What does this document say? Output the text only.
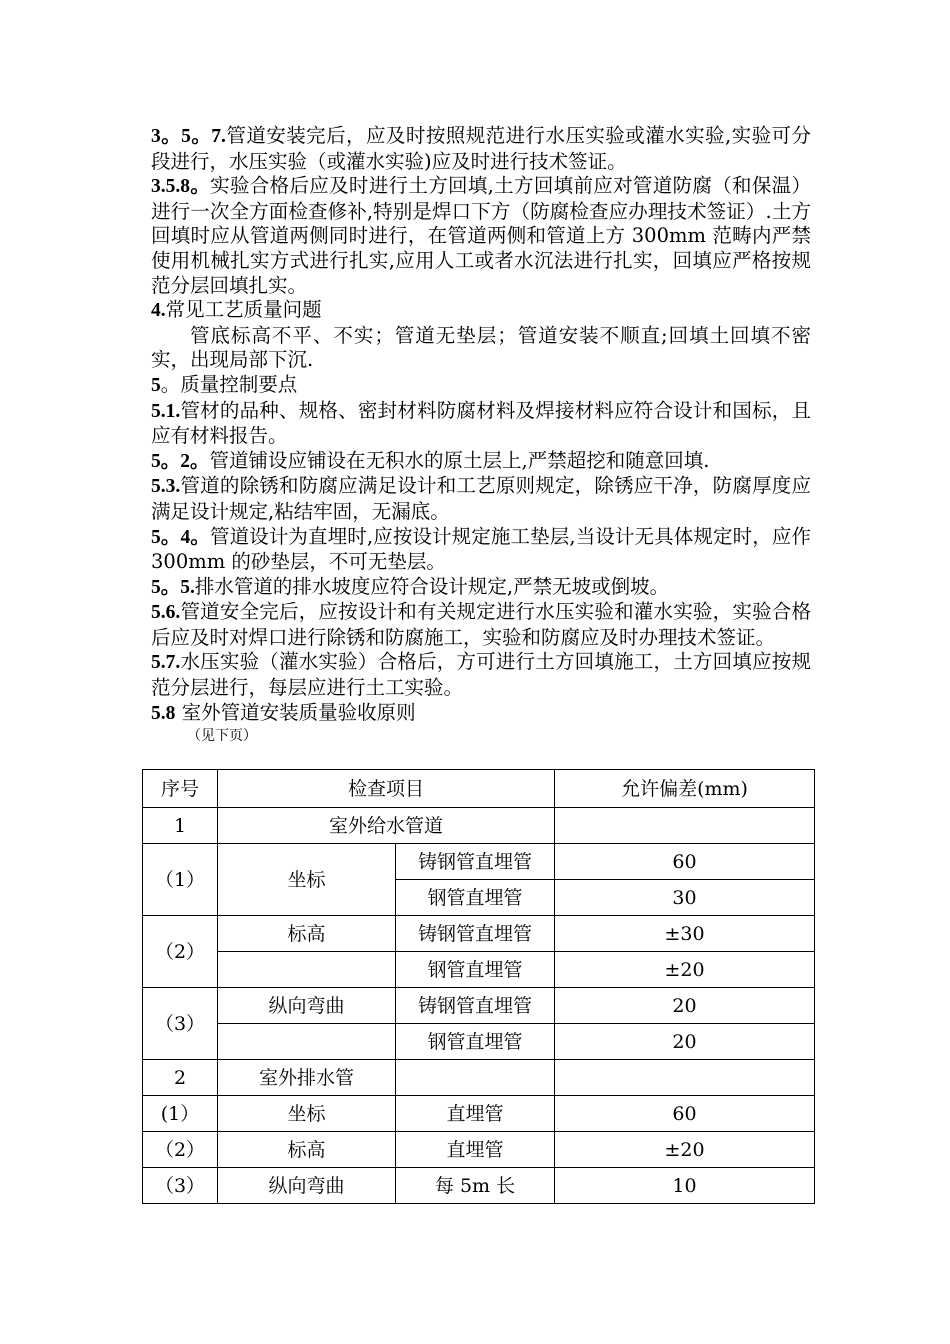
3。5。7.管道安装完后，应及时按照规范进行水压实验或灌水实验,实验可分段进行，水压实验（或灌水实验)应及时进行技术签证。

3.5.8。实验合格后应及时进行土方回填,土方回填前应对管道防腐（和保温）进行一次全方面检查修补,特别是焊口下方（防腐检查应办理技术签证）.土方回填时应从管道两侧同时进行，在管道两侧和管道上方 300mm 范畴内严禁使用机械扎实方式进行扎实,应用人工或者水沉法进行扎实，回填应严格按规范分层回填扎实。

4.常见工艺质量问题

管底标高不平、不实；管道无垫层；管道安装不顺直;回填土回填不密实，出现局部下沉.

5。质量控制要点

5.1.管材的品种、规格、密封材料防腐材料及焊接材料应符合设计和国标，且应有材料报告。

5。2。管道铺设应铺设在无积水的原土层上,严禁超挖和随意回填.

5.3.管道的除锈和防腐应满足设计和工艺原则规定，除锈应干净，防腐厚度应满足设计规定,粘结牢固，无漏底。

5。4。管道设计为直埋时,应按设计规定施工垫层,当设计无具体规定时，应作 300mm 的砂垫层，不可无垫层。

5。5.排水管道的排水坡度应符合设计规定,严禁无坡或倒坡。

5.6.管道安全完后，应按设计和有关规定进行水压实验和灌水实验，实验合格后应及时对焊口进行除锈和防腐施工，实验和防腐应及时办理技术签证。

5.7.水压实验（灌水实验）合格后，方可进行土方回填施工，土方回填应按规范分层进行，每层应进行土工实验。

5.8 室外管道安装质量验收原则

（见下页）

序号	检查项目		允许偏差(mm)
1	室外给水管道		
（1）	坐标	铸钢管直埋管	60
		钢管直埋管	30
（2）	标高	铸钢管直埋管	±30
		钢管直埋管	±20
（3）	纵向弯曲	铸钢管直埋管	20
		钢管直埋管	20
2	室外排水管		
(1）	坐标	直埋管	60
（2）	标高	直埋管	±20
（3）	纵向弯曲	每 5m 长	10
